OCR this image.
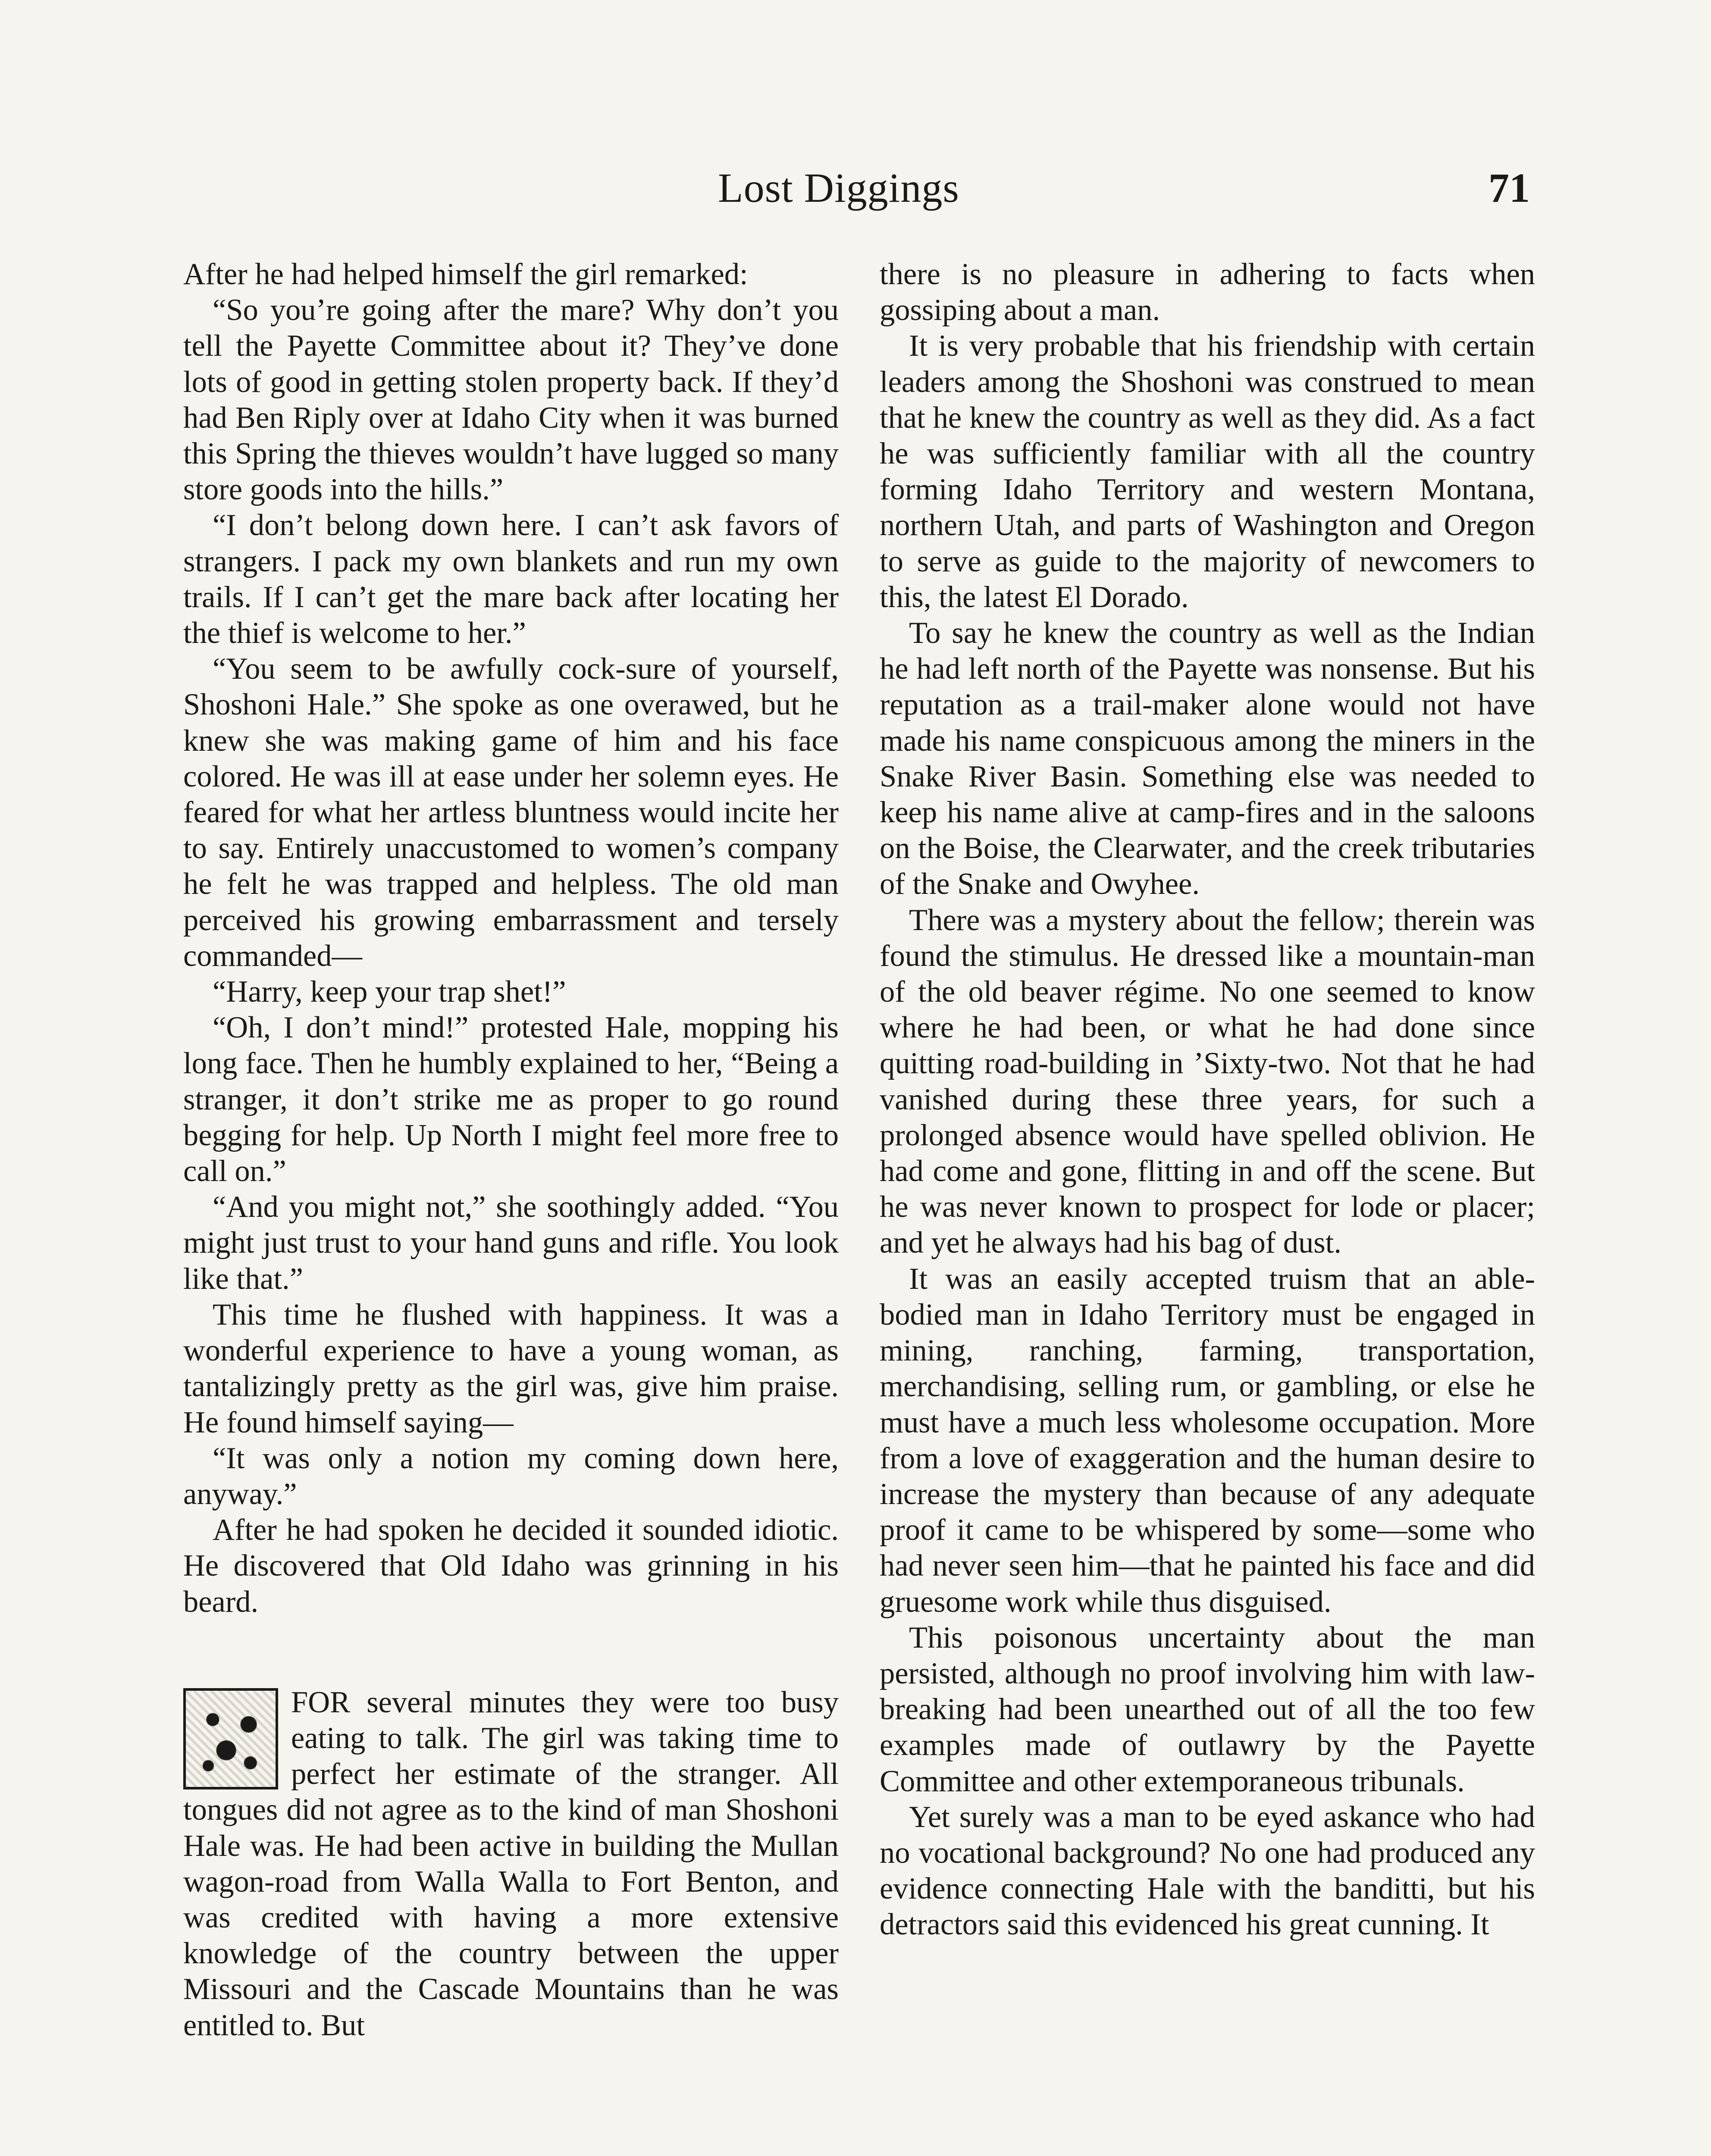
Lost Diggings	71

After he had helped himself the girl remarked:

“So you’re going after the mare? Why don’t you tell the Payette Committee about it? They’ve done lots of good in getting stolen property back. If they’d had Ben Riply over at Idaho City when it was burned this Spring the thieves wouldn’t have lugged so many store goods into the hills.”

“I don’t belong down here. I can’t ask favors of strangers. I pack my own blankets and run my own trails. If I can’t get the mare back after locating her the thief is welcome to her.”

“You seem to be awfully cock-sure of yourself, Shoshoni Hale.” She spoke as one overawed, but he knew she was making game of him and his face colored. He was ill at ease under her solemn eyes. He feared for what her artless bluntness would incite her to say. Entirely unaccustomed to women’s company he felt he was trapped and helpless. The old man perceived his growing embarrassment and tersely commanded—

“Harry, keep your trap shet!”

“Oh, I don’t mind!” protested Hale, mopping his long face. Then he humbly explained to her, “Being a stranger, it don’t strike me as proper to go round begging for help. Up North I might feel more free to call on.”

“And you might not,” she soothingly added. “You might just trust to your hand guns and rifle. You look like that.”

This time he flushed with happiness. It was a wonderful experience to have a young woman, as tantalizingly pretty as the girl was, give him praise. He found himself saying—

“It was only a notion my coming down here, anyway.”

After he had spoken he decided it sounded idiotic. He discovered that Old Idaho was grinning in his beard.

FOR several minutes they were too busy eating to talk. The girl was taking time to perfect her estimate of the stranger. All tongues did not agree as to the kind of man Shoshoni Hale was. He had been active in building the Mullan wagon-road from Walla Walla to Fort Benton, and was credited with having a more extensive knowledge of the country between the upper Missouri and the Cascade Mountains than he was entitled to. But

there is no pleasure in adhering to facts when gossiping about a man.

It is very probable that his friendship with certain leaders among the Shoshoni was construed to mean that he knew the country as well as they did. As a fact he was sufficiently familiar with all the country forming Idaho Territory and western Montana, northern Utah, and parts of Washington and Oregon to serve as guide to the majority of newcomers to this, the latest El Dorado.

To say he knew the country as well as the Indian he had left north of the Payette was nonsense. But his reputation as a trail-maker alone would not have made his name conspicuous among the miners in the Snake River Basin. Something else was needed to keep his name alive at camp-fires and in the saloons on the Boise, the Clearwater, and the creek tributaries of the Snake and Owyhee.

There was a mystery about the fellow; therein was found the stimulus. He dressed like a mountain-man of the old beaver régime. No one seemed to know where he had been, or what he had done since quitting road-building in ’Sixty-two. Not that he had vanished during these three years, for such a prolonged absence would have spelled oblivion. He had come and gone, flitting in and off the scene. But he was never known to prospect for lode or placer; and yet he always had his bag of dust.

It was an easily accepted truism that an able-bodied man in Idaho Territory must be engaged in mining, ranching, farming, transportation, merchandising, selling rum, or gambling, or else he must have a much less wholesome occupation. More from a love of exaggeration and the human desire to increase the mystery than because of any adequate proof it came to be whispered by some—some who had never seen him—that he painted his face and did gruesome work while thus disguised.

This poisonous uncertainty about the man persisted, although no proof involving him with law-breaking had been unearthed out of all the too few examples made of outlawry by the Payette Committee and other extemporaneous tribunals.

Yet surely was a man to be eyed askance who had no vocational background? No one had produced any evidence connecting Hale with the banditti, but his detractors said this evidenced his great cunning. It
